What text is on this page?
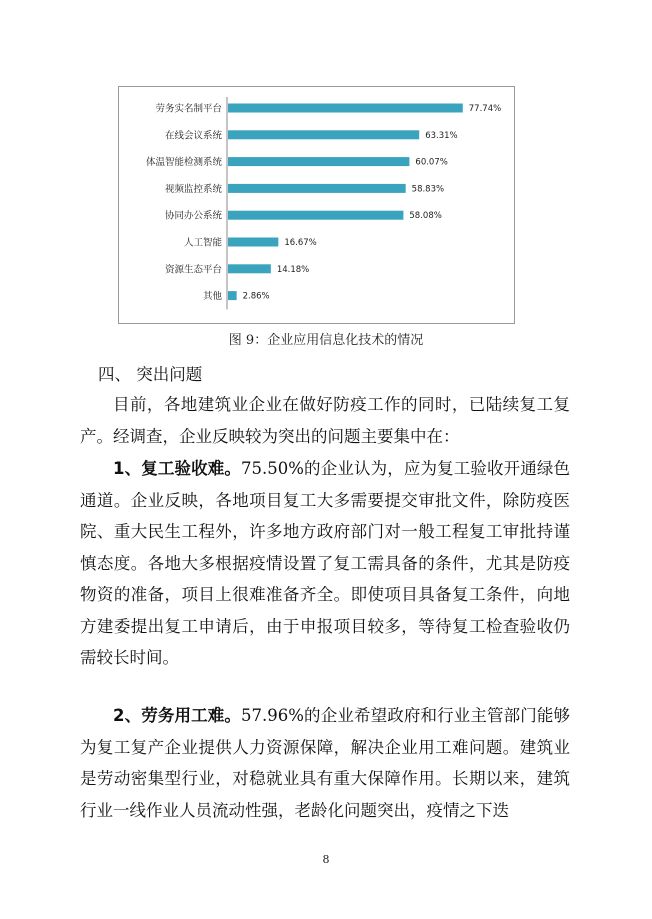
劳务实名制平台	77.74%
在线会议系统	63.31%
体温智能检测系统	60.07%
视频监控系统	58.83%
协同办公系统	58.08%
人工智能	16.67%
资源生态平台	14.18%
其他 2.86%
图 9：企业应用信息化技术的情况
四、 突出问题

目前，各地建筑业企业在做好防疫工作的同时，已陆续复工复产。经调查，企业反映较为突出的问题主要集中在：

1、复工验收难。75.50%的企业认为，应为复工验收开通绿色通道。企业反映，各地项目复工大多需要提交审批文件，除防疫医院、重大民生工程外，许多地方政府部门对一般工程复工审批持谨慎态度。各地大多根据疫情设置了复工需具备的条件，尤其是防疫物资的准备，项目上很难准备齐全。即使项目具备复工条件，向地方建委提出复工申请后，由于申报项目较多，等待复工检查验收仍需较长时间。

2、劳务用工难。57.96%的企业希望政府和行业主管部门能够为复工复产企业提供人力资源保障，解决企业用工难问题。建筑业是劳动密集型行业，对稳就业具有重大保障作用。长期以来，建筑行业一线作业人员流动性强，老龄化问题突出，疫情之下迭

8
